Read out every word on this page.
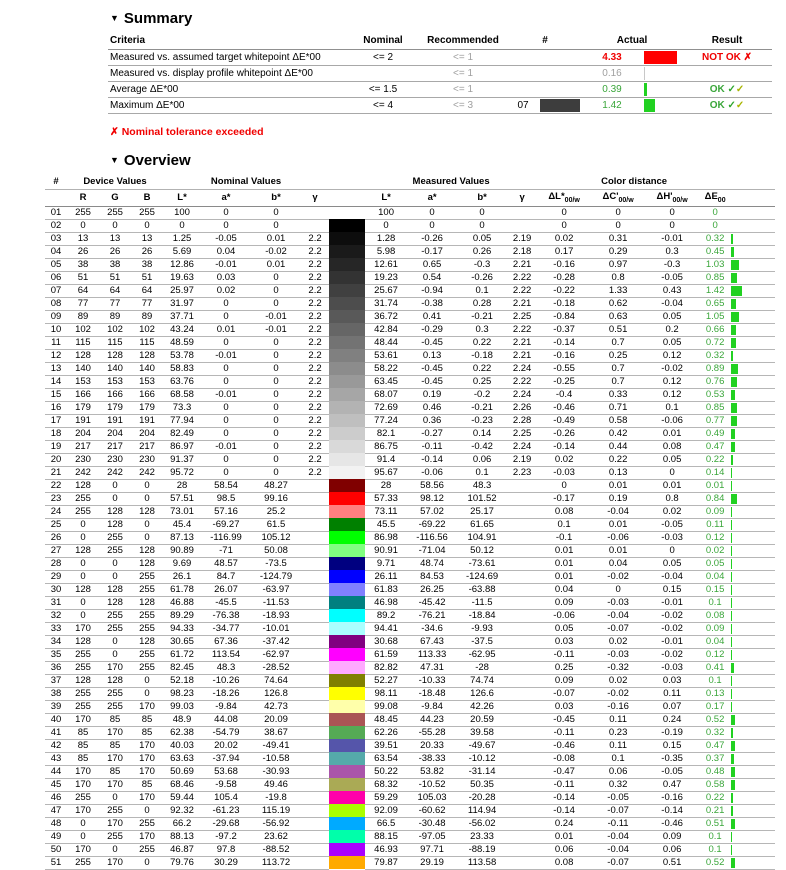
▼ Summary
Criteria	Nominal	Recommended	#		Actual		Result
Measured vs. assumed target whitepoint ΔE*00	<= 2	<= 1			4.33		NOT OK ✗
Measured vs. display profile whitepoint ΔE*00		<= 1			0.16	

Average ΔE*00	<= 1.5	<= 1			0.39		OK ✓✓
Maximum ΔE*00	<= 4	<= 3	07		1.42		OK ✓✓
✗ Nominal tolerance exceeded
▼ Overview
#	Device Values			Nominal Values					Measured Values				Color distance				
	R	G	B	L*	a*	b*	γ		L*	a*	b*	γ	$\Delta L*_{00/w}$	$\Delta C'_{00/w}$	$\Delta H'_{00/w}$	$\Delta E_{00}$	
01	255	255	255	100	0	0			100	0	0		0	0	0	0	
02	0	0	0	0	0	0			0	0	0		0	0	0	0	
03	13	13	13	1.25	-0.05	0.01	2.2		1.28	-0.26	0.05	2.19	0.02	0.31	-0.01	0.32	

04	26	26	26	5.69	0.04	-0.02	2.2		5.98	-0.17	0.26	2.18	0.17	0.29	0.3	0.45	

05	38	38	38	12.86	-0.01	0.01	2.2		12.61	0.65	-0.3	2.21	-0.16	0.97	-0.3	1.03	

06	51	51	51	19.63	0.03	0	2.2		19.23	0.54	-0.26	2.22	-0.28	0.8	-0.05	0.85	

07	64	64	64	25.97	0.02	0	2.2		25.67	-0.94	0.1	2.22	-0.22	1.33	0.43	1.42	

08	77	77	77	31.97	0	0	2.2		31.74	-0.38	0.28	2.21	-0.18	0.62	-0.04	0.65	

09	89	89	89	37.71	0	-0.01	2.2		36.72	0.41	-0.21	2.25	-0.84	0.63	0.05	1.05	

10	102	102	102	43.24	0.01	-0.01	2.2		42.84	-0.29	0.3	2.22	-0.37	0.51	0.2	0.66	

11	115	115	115	48.59	0	0	2.2		48.44	-0.45	0.22	2.21	-0.14	0.7	0.05	0.72	

12	128	128	128	53.78	-0.01	0	2.2		53.61	0.13	-0.18	2.21	-0.16	0.25	0.12	0.32	

13	140	140	140	58.83	0	0	2.2		58.22	-0.45	0.22	2.24	-0.55	0.7	-0.02	0.89	

14	153	153	153	63.76	0	0	2.2		63.45	-0.45	0.25	2.22	-0.25	0.7	0.12	0.76	

15	166	166	166	68.58	-0.01	0	2.2		68.07	0.19	-0.2	2.24	-0.4	0.33	0.12	0.53	

16	179	179	179	73.3	0	0	2.2		72.69	0.46	-0.21	2.26	-0.46	0.71	0.1	0.85	

17	191	191	191	77.94	0	0	2.2		77.24	0.36	-0.23	2.28	-0.49	0.58	-0.06	0.77	

18	204	204	204	82.49	0	0	2.2		82.1	-0.27	0.14	2.25	-0.26	0.42	0.01	0.49	

19	217	217	217	86.97	-0.01	0	2.2		86.75	-0.11	-0.42	2.24	-0.14	0.44	0.08	0.47	

20	230	230	230	91.37	0	0	2.2		91.4	-0.14	0.06	2.19	0.02	0.22	0.05	0.22	

21	242	242	242	95.72	0	0	2.2		95.67	-0.06	0.1	2.23	-0.03	0.13	0	0.14	

22	128	0	0	28	58.54	48.27			28	58.56	48.3		0	0.01	0.01	0.01	

23	255	0	0	57.51	98.5	99.16			57.33	98.12	101.52		-0.17	0.19	0.8	0.84	

24	255	128	128	73.01	57.16	25.2			73.11	57.02	25.17		0.08	-0.04	0.02	0.09	

25	0	128	0	45.4	-69.27	61.5			45.5	-69.22	61.65		0.1	0.01	-0.05	0.11	

26	0	255	0	87.13	-116.99	105.12			86.98	-116.56	104.91		-0.1	-0.06	-0.03	0.12	

27	128	255	128	90.89	-71	50.08			90.91	-71.04	50.12		0.01	0.01	0	0.02	

28	0	0	128	9.69	48.57	-73.5			9.71	48.74	-73.61		0.01	0.04	0.05	0.05	

29	0	0	255	26.1	84.7	-124.79			26.11	84.53	-124.69		0.01	-0.02	-0.04	0.04	

30	128	128	255	61.78	26.07	-63.97			61.83	26.25	-63.88		0.04	0	0.15	0.15	

31	0	128	128	46.88	-45.5	-11.53			46.98	-45.42	-11.5		0.09	-0.03	-0.01	0.1	

32	0	255	255	89.29	-76.38	-18.93			89.2	-76.21	-18.84		-0.06	-0.04	-0.02	0.08	

33	170	255	255	94.33	-34.77	-10.01			94.41	-34.6	-9.93		0.05	-0.07	-0.02	0.09	

34	128	0	128	30.65	67.36	-37.42			30.68	67.43	-37.5		0.03	0.02	-0.01	0.04	

35	255	0	255	61.72	113.54	-62.97			61.59	113.33	-62.95		-0.11	-0.03	-0.02	0.12	

36	255	170	255	82.45	48.3	-28.52			82.82	47.31	-28		0.25	-0.32	-0.03	0.41	

37	128	128	0	52.18	-10.26	74.64			52.27	-10.33	74.74		0.09	0.02	0.03	0.1	

38	255	255	0	98.23	-18.26	126.8			98.11	-18.48	126.6		-0.07	-0.02	0.11	0.13	

39	255	255	170	99.03	-9.84	42.73			99.08	-9.84	42.26		0.03	-0.16	0.07	0.17	

40	170	85	85	48.9	44.08	20.09			48.45	44.23	20.59		-0.45	0.11	0.24	0.52	

41	85	170	85	62.38	-54.79	38.67			62.26	-55.28	39.58		-0.11	0.23	-0.19	0.32	

42	85	85	170	40.03	20.02	-49.41			39.51	20.33	-49.67		-0.46	0.11	0.15	0.47	

43	85	170	170	63.63	-37.94	-10.58			63.54	-38.33	-10.12		-0.08	0.1	-0.35	0.37	

44	170	85	170	50.69	53.68	-30.93			50.22	53.82	-31.14		-0.47	0.06	-0.05	0.48	

45	170	170	85	68.46	-9.58	49.46			68.32	-10.52	50.35		-0.11	0.32	0.47	0.58	

46	255	0	170	59.44	105.4	-19.8			59.29	105.03	-20.28		-0.14	-0.05	-0.16	0.22	

47	170	255	0	92.32	-61.23	115.19			92.09	-60.62	114.94		-0.14	-0.07	-0.14	0.21	

48	0	170	255	66.2	-29.68	-56.92			66.5	-30.48	-56.02		0.24	-0.11	-0.46	0.51	

49	0	255	170	88.13	-97.2	23.62			88.15	-97.05	23.33		0.01	-0.04	0.09	0.1	

50	170	0	255	46.87	97.8	-88.52			46.93	97.71	-88.19		0.06	-0.04	0.06	0.1	

51	255	170	0	79.76	30.29	113.72			79.87	29.19	113.58		0.08	-0.07	0.51	0.52	
